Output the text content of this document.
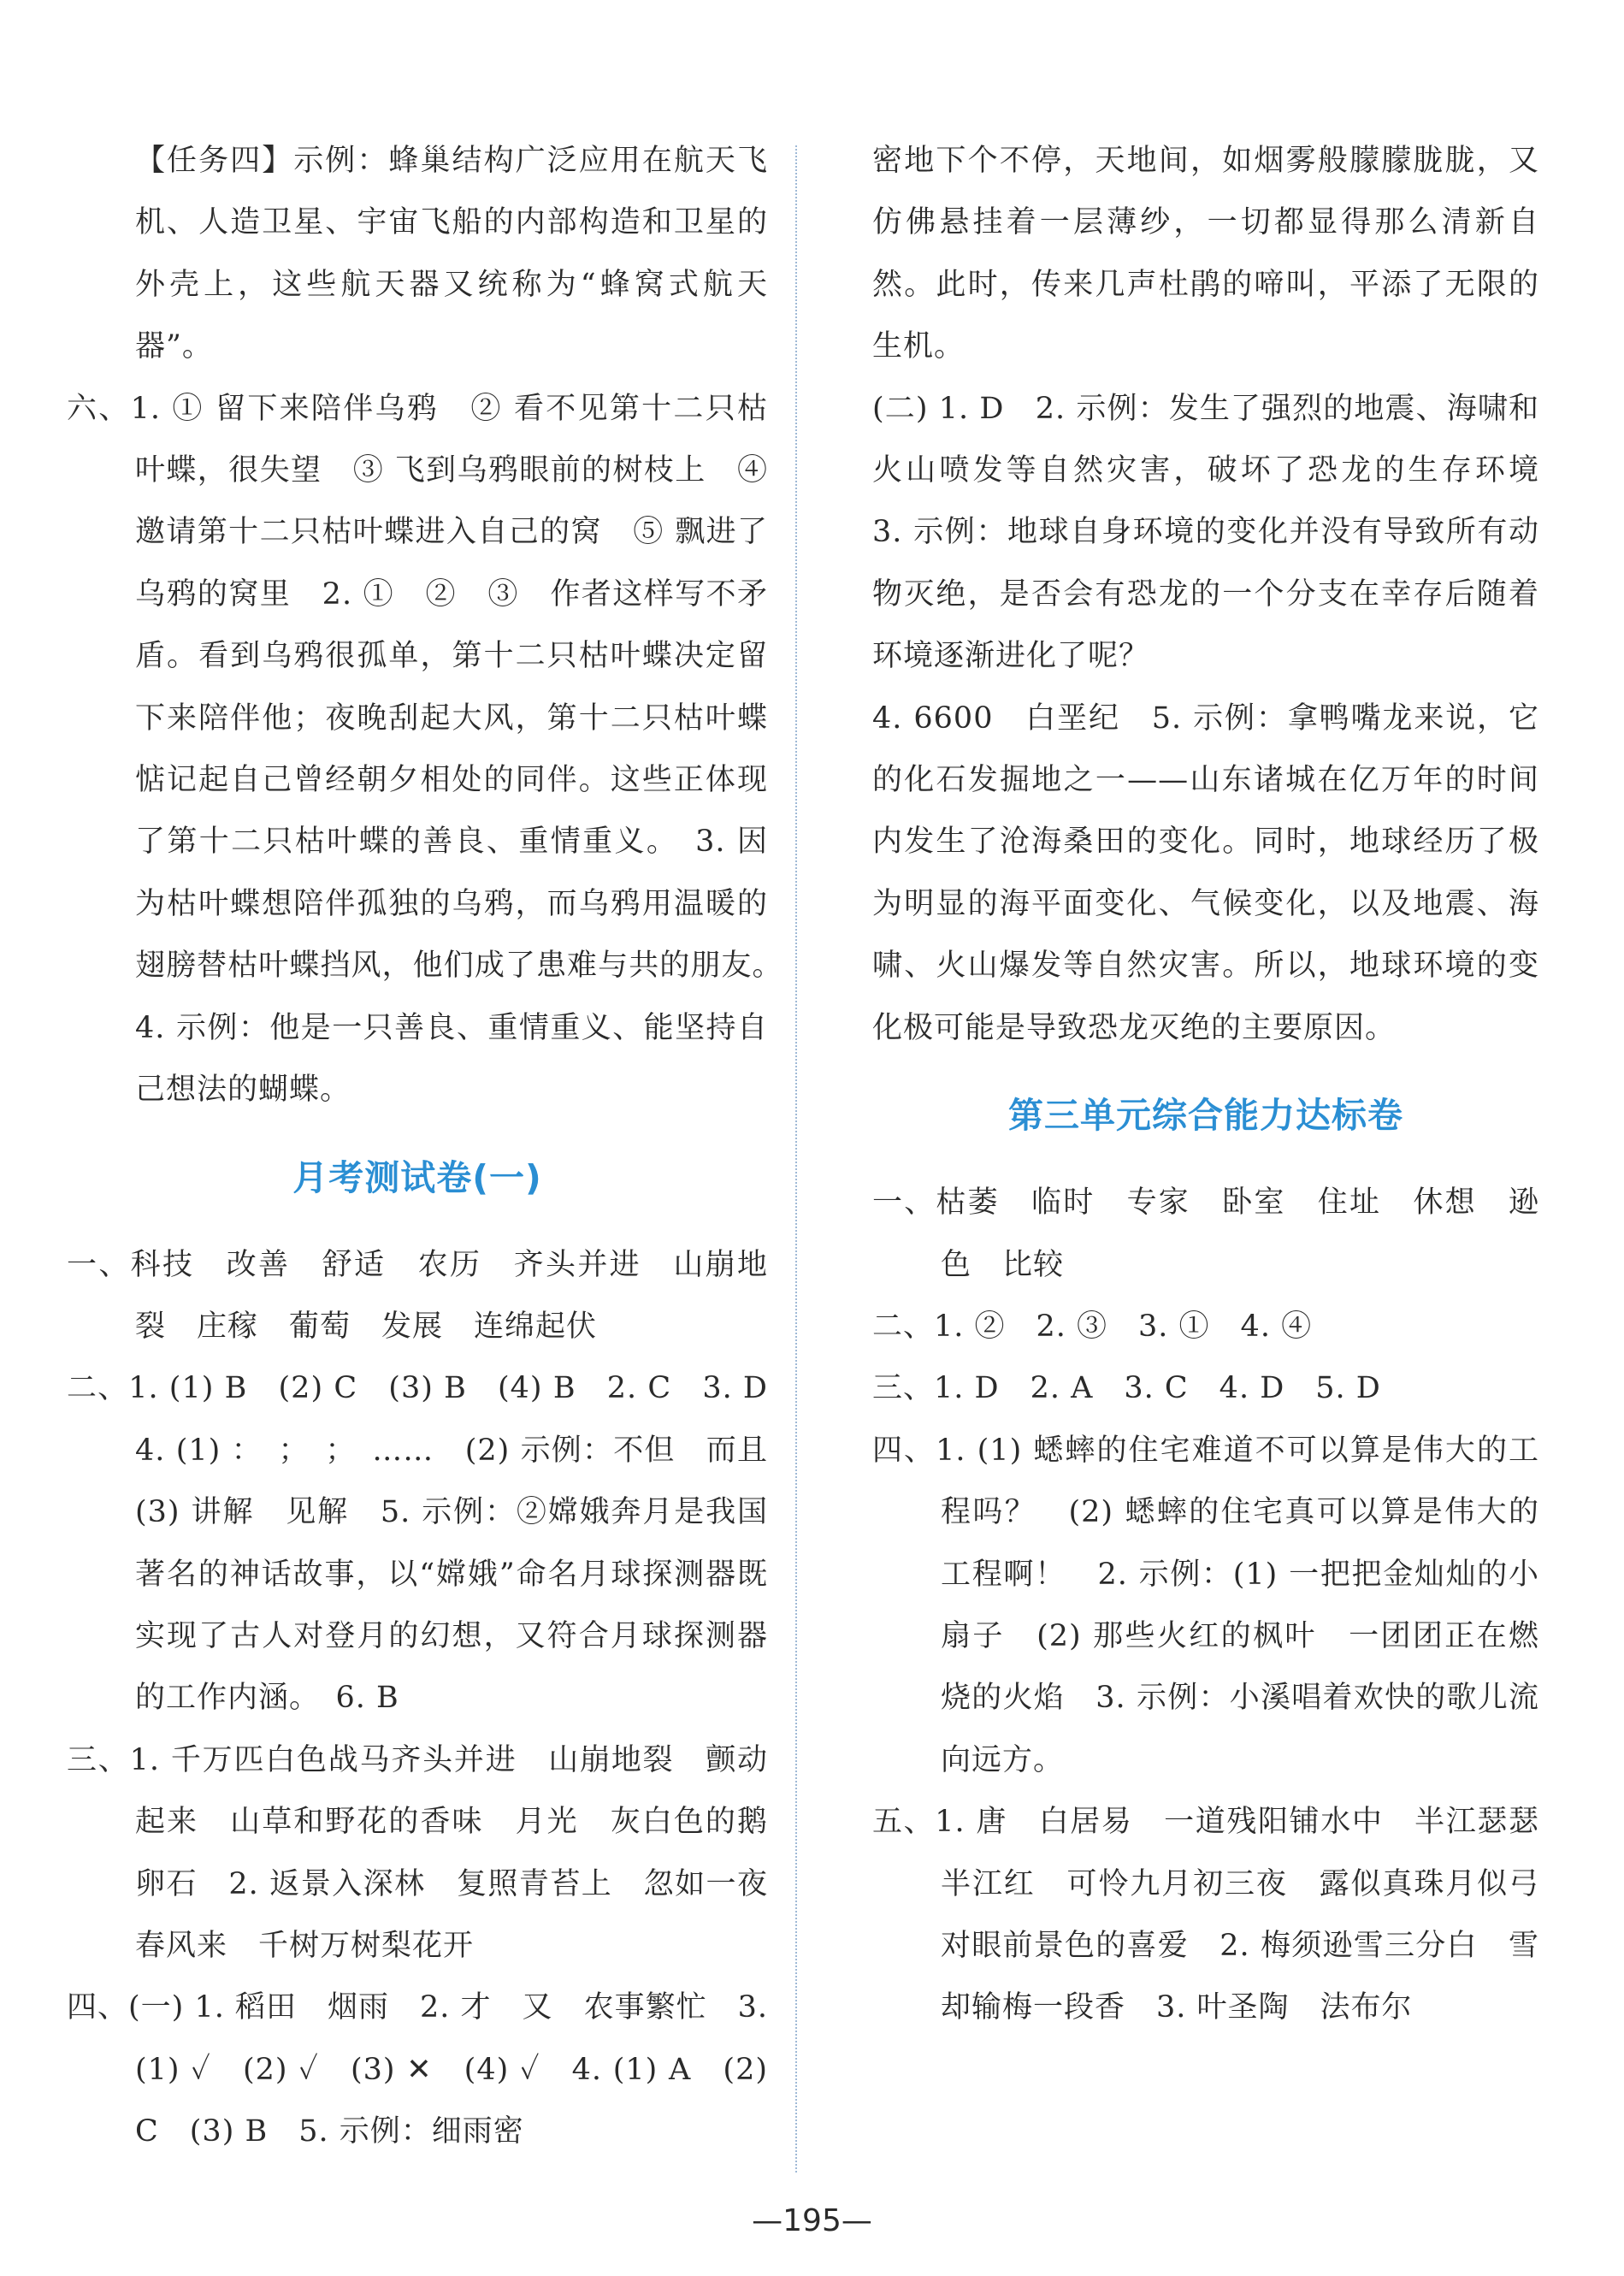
【任务四】示例：蜂巢结构广泛应用在航天飞机、人造卫星、宇宙飞船的内部构造和卫星的外壳上，这些航天器又统称为“蜂窝式航天器”。

六、1. ① 留下来陪伴乌鸦　② 看不见第十二只枯叶蝶，很失望　③ 飞到乌鸦眼前的树枝上　④ 邀请第十二只枯叶蝶进入自己的窝　⑤ 飘进了乌鸦的窝里　2. ①　②　③　作者这样写不矛盾。看到乌鸦很孤单，第十二只枯叶蝶决定留下来陪伴他；夜晚刮起大风，第十二只枯叶蝶惦记起自己曾经朝夕相处的同伴。这些正体现了第十二只枯叶蝶的善良、重情重义。　3. 因为枯叶蝶想陪伴孤独的乌鸦，而乌鸦用温暖的翅膀替枯叶蝶挡风，他们成了患难与共的朋友。　4. 示例：他是一只善良、重情重义、能坚持自己想法的蝴蝶。

月考测试卷(一)

一、科技　改善　舒适　农历　齐头并进　山崩地裂　庄稼　葡萄　发展　连绵起伏

二、1. (1) B　(2) C　(3) B　(4) B　2. C　3. D　4. (1) ：　；　；　……　(2) 示例：不但　而且　(3) 讲解　见解　5. 示例：②嫦娥奔月是我国著名的神话故事，以“嫦娥”命名月球探测器既实现了古人对登月的幻想，又符合月球探测器的工作内涵。　6. B

三、1. 千万匹白色战马齐头并进　山崩地裂　颤动起来　山草和野花的香味　月光　灰白色的鹅卵石　2. 返景入深林　复照青苔上　忽如一夜春风来　千树万树梨花开

四、(一) 1. 稻田　烟雨　2. 才　又　农事繁忙　3. (1) ✓　(2) ✓　(3) ✕　(4) ✓　4. (1) A　(2) C　(3) B　5. 示例：细雨密

密地下个不停，天地间，如烟雾般朦朦胧胧，又仿佛悬挂着一层薄纱，一切都显得那么清新自然。此时，传来几声杜鹃的啼叫，平添了无限的生机。

(二) 1. D　2. 示例：发生了强烈的地震、海啸和火山喷发等自然灾害，破坏了恐龙的生存环境　3. 示例：地球自身环境的变化并没有导致所有动物灭绝，是否会有恐龙的一个分支在幸存后随着环境逐渐进化了呢？

4. 6600　白垩纪　5. 示例：拿鸭嘴龙来说，它的化石发掘地之一——山东诸城在亿万年的时间内发生了沧海桑田的变化。同时，地球经历了极为明显的海平面变化、气候变化，以及地震、海啸、火山爆发等自然灾害。所以，地球环境的变化极可能是导致恐龙灭绝的主要原因。

第三单元综合能力达标卷

一、枯萎　临时　专家　卧室　住址　休想　逊色　比较

二、1. ②　2. ③　3. ①　4. ④

三、1. D　2. A　3. C　4. D　5. D

四、1. (1) 蟋蟀的住宅难道不可以算是伟大的工程吗？　(2) 蟋蟀的住宅真可以算是伟大的工程啊！　2. 示例：(1) 一把把金灿灿的小扇子　(2) 那些火红的枫叶　一团团正在燃烧的火焰　3. 示例：小溪唱着欢快的歌儿流向远方。

五、1. 唐　白居易　一道残阳铺水中　半江瑟瑟半江红　可怜九月初三夜　露似真珠月似弓　对眼前景色的喜爱　2. 梅须逊雪三分白　雪却输梅一段香　3. 叶圣陶　法布尔

—195—
